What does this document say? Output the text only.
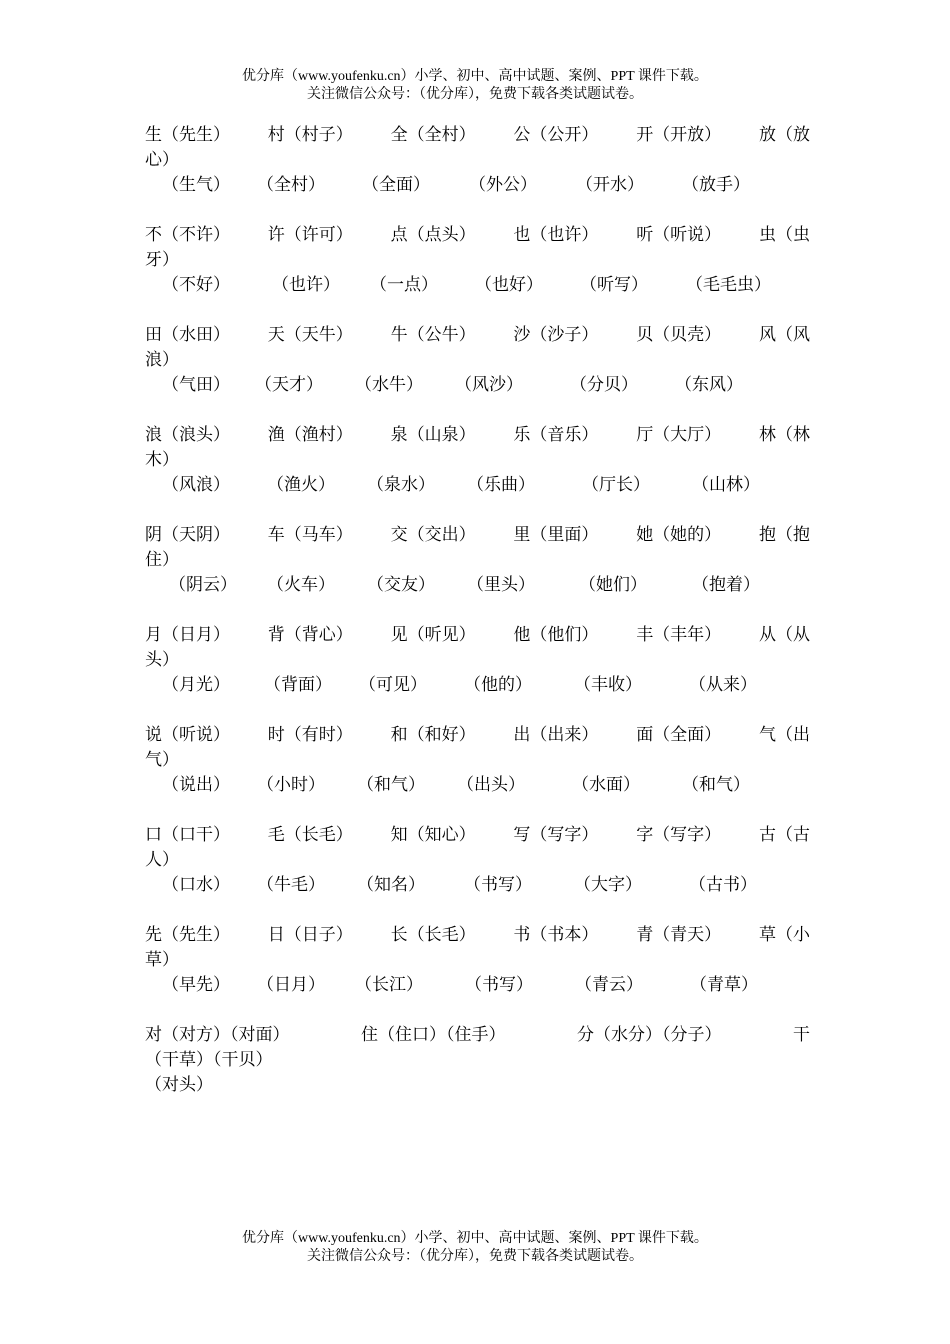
优分库（www.youfenku.cn）小学、初中、高中试题、案例、PPT 课件下载。
关注微信公众号：（优分库），免费下载各类试题试卷。
生（先生） 村（村子） 全（全村） 公（公开） 开（开放） 放（放
心）
（生气）	（全村）	（全面）	（外公）	（开水）	（放手）
不（不许） 许（许可） 点（点头） 也（也许） 听（听说） 虫（虫
牙）
（不好）	（也许）	（一点）	（也好）	（听写）	（毛毛虫）
田（水田） 天（天牛） 牛（公牛） 沙（沙子） 贝（贝壳） 风（风
浪）
（气田）	（天才）	（水牛）	（风沙）	（分贝）	（东风）
浪（浪头） 渔（渔村） 泉（山泉） 乐（音乐） 厅（大厅） 林（林
木）
（风浪）	（渔火）	（泉水）	（乐曲）	（厅长）	（山林）
阴（天阴） 车（马车） 交（交出） 里（里面） 她（她的） 抱（抱
住）
（阴云）	（火车）	（交友）	（里头）	（她们）	（抱着）
月（日月） 背（背心） 见（听见） 他（他们） 丰（丰年） 从（从
头）
（月光）	（背面）	（可见）	（他的）	（丰收）	（从来）
说（听说） 时（有时） 和（和好） 出（出来） 面（全面） 气（出
气）
（说出）	（小时）	（和气）	（出头）	（水面）	（和气）
口（口干） 毛（长毛） 知（知心） 写（写字） 字（写字） 古（古
人）
（口水）	（牛毛）	（知名）	（书写）	（大字）	（古书）
先（先生） 日（日子） 长（长毛） 书（书本） 青（青天） 草（小
草）
（早先）	（日月）	（长江）	（书写）	（青云）	（青草）
对（对方）（对面）	住（住口）（住手）	分（水分）（分子）	干
（干草）（干贝）
（对头）
优分库（www.youfenku.cn）小学、初中、高中试题、案例、PPT 课件下载。
关注微信公众号：（优分库），免费下载各类试题试卷。
